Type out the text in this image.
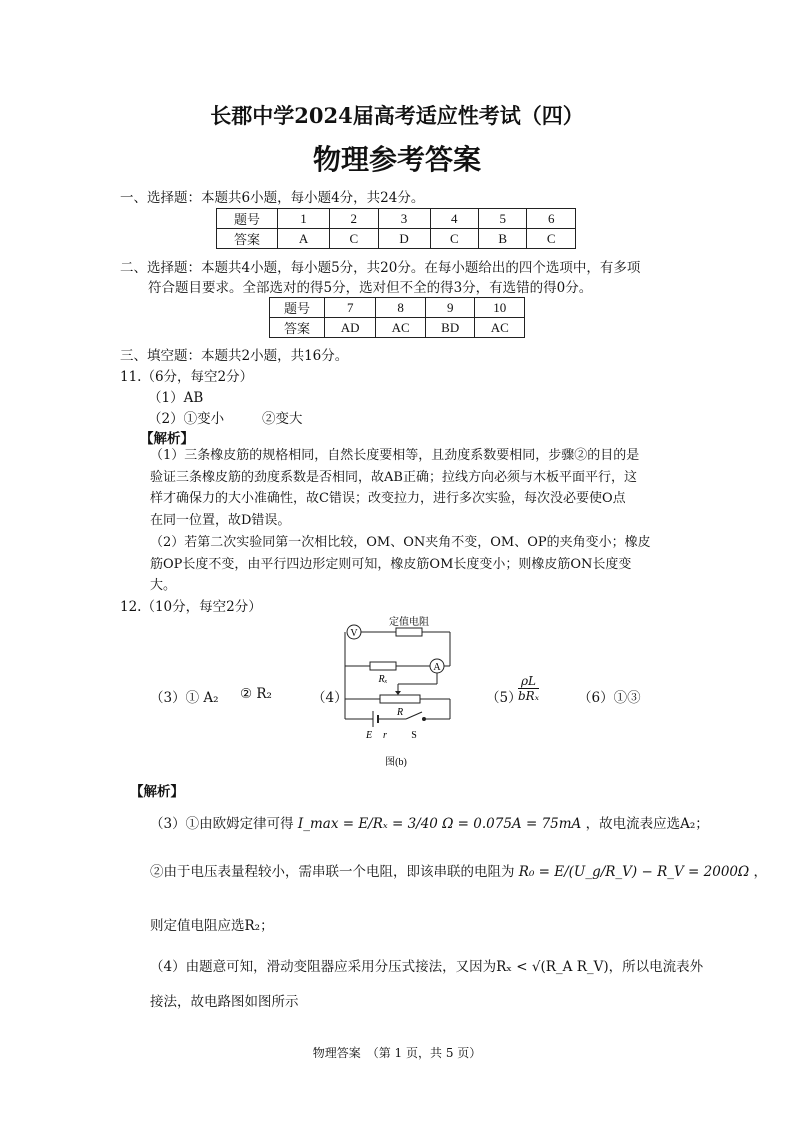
长郡中学2024届高考适应性考试（四）
物理参考答案
一、选择题：本题共6小题，每小题4分，共24分。
题号	1	2	3	4	5	6
答案	A	C	D	C	B	C
二、选择题：本题共4小题，每小题5分，共20分。在每小题给出的四个选项中，有多项
符合题目要求。全部选对的得5分，选对但不全的得3分，有选错的得0分。
题号	7	8	9	10
答案	AD	AC	BD	AC
三、填空题：本题共2小题，共16分。
11.（6分，每空2分）
（1）AB
（2）①变小	②变大
【解析】
（1）三条橡皮筋的规格相同，自然长度要相等，且劲度系数要相同，步骤②的目的是
验证三条橡皮筋的劲度系数是否相同，故AB正确；拉线方向必须与木板平面平行，这
样才确保力的大小准确性，故C错误；改变拉力，进行多次实验，每次没必要使O点
在同一位置，故D错误。
（2）若第二次实验同第一次相比较，OM、ON夹角不变，OM、OP的夹角变小；橡皮
筋OP长度不变，由平行四边形定则可知，橡皮筋OM长度变小；则橡皮筋ON长度变
大。
12.（10分，每空2分）
（3）① A₂ ② R₂	（4）
V
A
定值电阻
Rₓ
R
E r S
图(b)
（5）
ρL
bRₓ	（6）①③
【解析】
（3）①由欧姆定律可得 I_max = E/Rₓ = 3/40 Ω = 0.075A = 75mA ，故电流表应选A₂；
②由于电压表量程较小，需串联一个电阻，即该串联的电阻为 R₀ = E/(U_g/R_V) − R_V = 2000Ω ，
则定值电阻应选R₂；
（4）由题意可知，滑动变阻器应采用分压式接法，又因为Rₓ < √(R_A R_V)，所以电流表外
接法，故电路图如图所示
物理答案　（第 1 页，共 5 页）
